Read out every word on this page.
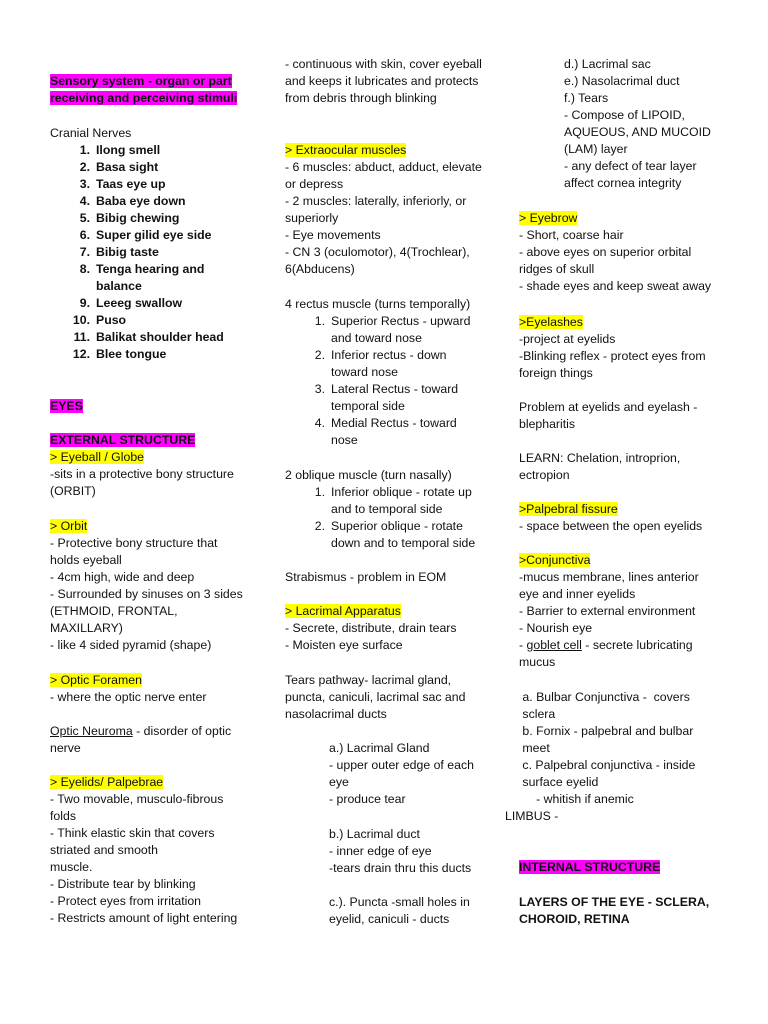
Sensory system - organ or part
receiving and perceiving stimuli
Cranial Nerves
1. Ilong smell
2. Basa sight
3. Taas eye up
4. Baba eye down
5. Bibig chewing
6. Super gilid eye side
7. Bibig taste
8. Tenga hearing and
balance
9. Leeeg swallow
10. Puso
11. Balikat shoulder head
12. Blee tongue
EYES
EXTERNAL STRUCTURE
> Eyeball / Globe
-sits in a protective bony structure
(ORBIT)
> Orbit
- Protective bony structure that
holds eyeball
- 4cm high, wide and deep
- Surrounded by sinuses on 3 sides
(ETHMOID, FRONTAL,
MAXILLARY)
- like 4 sided pyramid (shape)
> Optic Foramen
- where the optic nerve enter
Optic Neuroma - disorder of optic
nerve
> Eyelids/ Palpebrae
- Two movable, musculo-fibrous
folds
- Think elastic skin that covers
striated and smooth
muscle.
- Distribute tear by blinking
- Protect eyes from irritation
- Restricts amount of light entering
- continuous with skin, cover eyeball
and keeps it lubricates and protects
from debris through blinking
> Extraocular muscles
- 6 muscles: abduct, adduct, elevate
or depress
- 2 muscles: laterally, inferiorly, or
superiorly
- Eye movements
- CN 3 (oculomotor), 4(Trochlear),
6(Abducens)
4 rectus muscle (turns temporally)
1. Superior Rectus - upward
and toward nose
2. Inferior rectus - down
toward nose
3. Lateral Rectus - toward
temporal side
4. Medial Rectus - toward
nose
2 oblique muscle (turn nasally)
1. Inferior oblique - rotate up
and to temporal side
2. Superior oblique - rotate
down and to temporal side
Strabismus - problem in EOM
> Lacrimal Apparatus
- Secrete, distribute, drain tears
- Moisten eye surface
Tears pathway- lacrimal gland,
puncta, caniculi, lacrimal sac and
nasolacrimal ducts
a.) Lacrimal Gland
- upper outer edge of each
eye
- produce tear
b.) Lacrimal duct
- inner edge of eye
-tears drain thru this ducts
c.). Puncta -small holes in
eyelid, caniculi - ducts
d.) Lacrimal sac
e.) Nasolacrimal duct
f.) Tears
- Compose of LIPOID,
AQUEOUS, AND MUCOID
(LAM) layer
- any defect of tear layer
affect cornea integrity
> Eyebrow
- Short, coarse hair
- above eyes on superior orbital
ridges of skull
- shade eyes and keep sweat away
>Eyelashes
-project at eyelids
-Blinking reflex - protect eyes from
foreign things
Problem at eyelids and eyelash -
blepharitis
LEARN: Chelation, introprion,
ectropion
>Palpebral fissure
- space between the open eyelids
>Conjunctiva
-mucus membrane, lines anterior
eye and inner eyelids
- Barrier to external environment
- Nourish eye
- goblet cell - secrete lubricating
mucus
a. Bulbar Conjunctiva -  covers
sclera
b. Fornix - palpebral and bulbar
meet
c. Palpebral conjunctiva - inside
surface eyelid
- whitish if anemic
LIMBUS -
INTERNAL STRUCTURE
LAYERS OF THE EYE - SCLERA,
CHOROID, RETINA
